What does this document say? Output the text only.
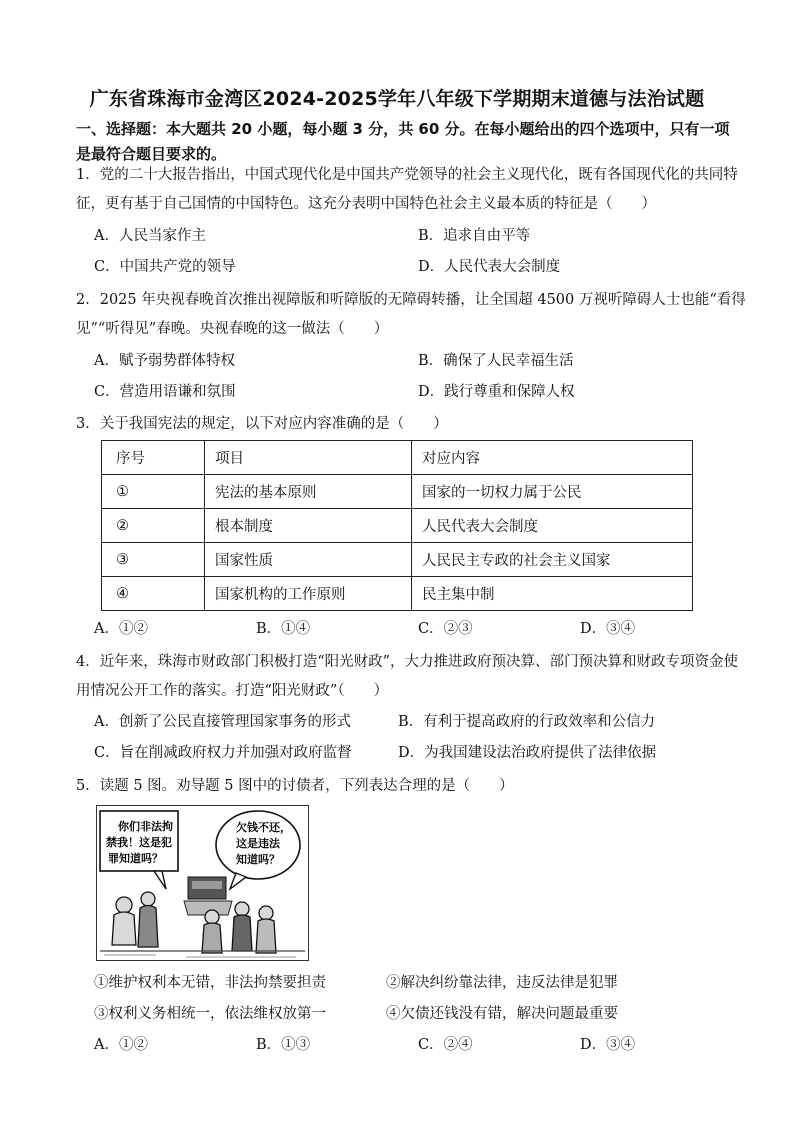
广东省珠海市金湾区2024-2025学年八年级下学期期末道德与法治试题
一、选择题：本大题共 20 小题，每小题 3 分，共 60 分。在每小题给出的四个选项中，只有一项
是最符合题目要求的。
1．党的二十大报告指出，中国式现代化是中国共产党领导的社会主义现代化，既有各国现代化的共同特
征，更有基于自己国情的中国特色。这充分表明中国特色社会主义最本质的特征是（　　）
A．人民当家作主	B．追求自由平等
C．中国共产党的领导	D．人民代表大会制度
2．2025 年央视春晚首次推出视障版和听障版的无障碍转播，让全国超 4500 万视听障碍人士也能“看得
见”“听得见”春晚。央视春晚的这一做法（　　）
A．赋予弱势群体特权	B．确保了人民幸福生活
C．营造用语谦和氛围	D．践行尊重和保障人权
3．关于我国宪法的规定，以下对应内容准确的是（　　）
序号	项目	对应内容
①	宪法的基本原则	国家的一切权力属于公民
②	根本制度	人民代表大会制度
③	国家性质	人民民主专政的社会主义国家
④	国家机构的工作原则	民主集中制
A．①②	B．①④	C．②③	D．③④
4．近年来，珠海市财政部门积极打造“阳光财政”，大力推进政府预决算、部门预决算和财政专项资金使
用情况公开工作的落实。打造“阳光财政”（　　）
A．创新了公民直接管理国家事务的形式	B．有利于提高政府的行政效率和公信力
C．旨在削减政府权力并加强对政府监督	D．为我国建设法治政府提供了法律依据
5．读题 5 图。劝导题 5 图中的讨债者，下列表达合理的是（　　）
你们非法拘
禁我！这是犯
罪知道吗？
欠钱不还，
这是违法
知道吗？
①维护权利本无错，非法拘禁要担责	②解决纠纷靠法律，违反法律是犯罪
③权利义务相统一，依法维权放第一	④欠债还钱没有错，解决问题最重要
A．①②	B．①③	C．②④	D．③④
